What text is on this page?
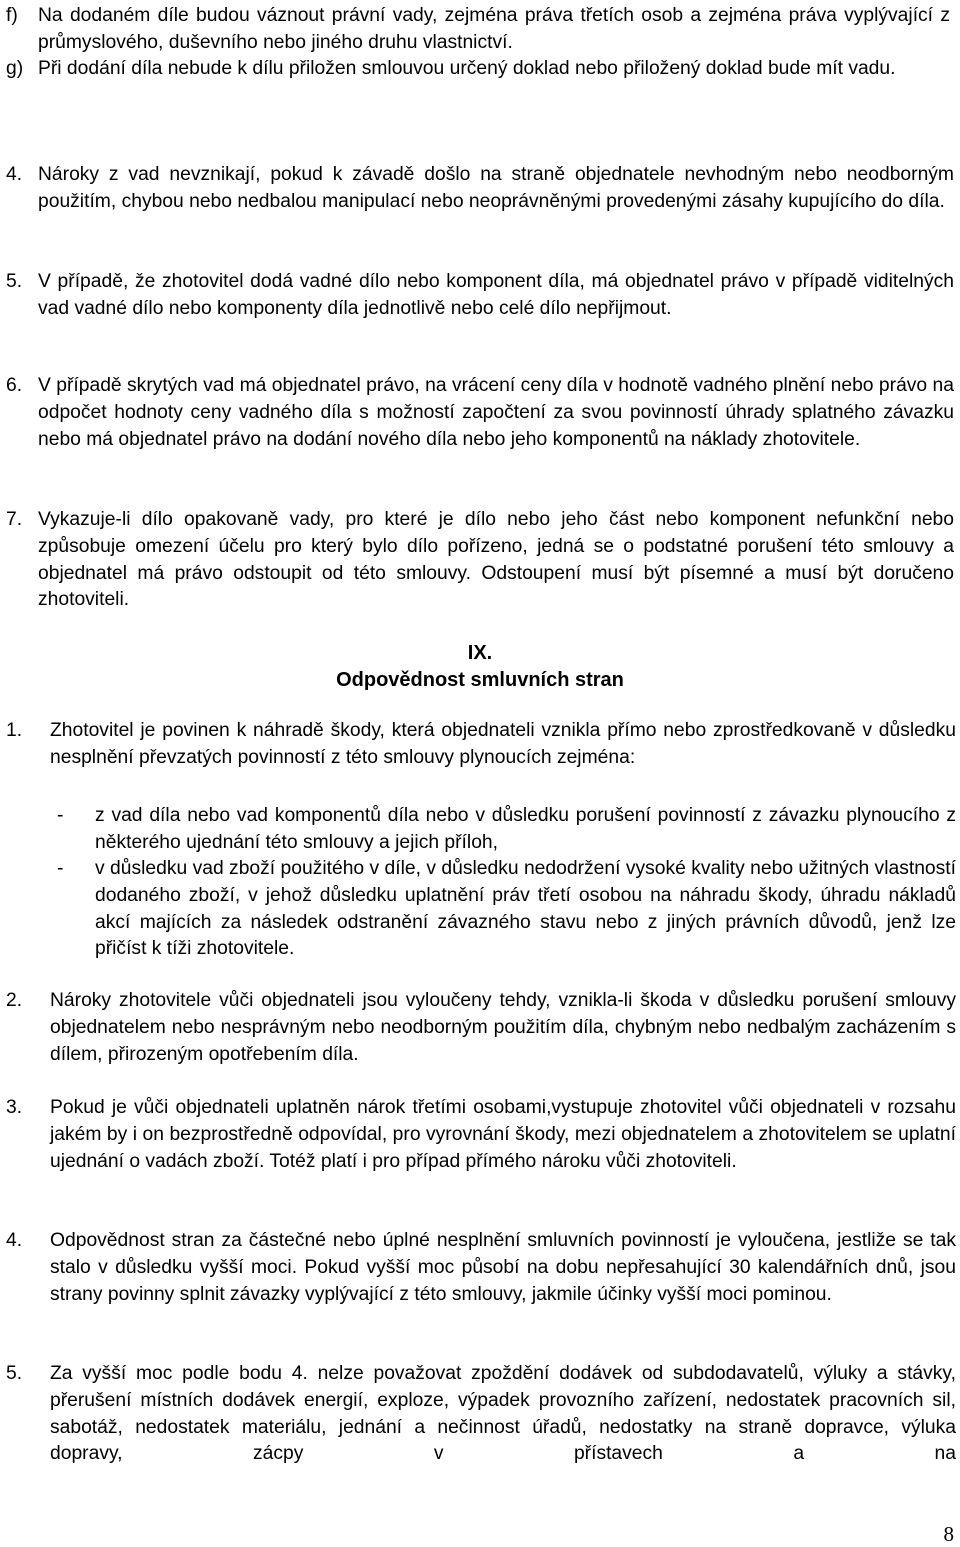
f) Na dodaném díle budou váznout právní vady, zejména práva třetích osob a zejména práva vyplývající z průmyslového, duševního nebo jiného druhu vlastnictví.
g) Při dodání díla nebude k dílu přiložen smlouvou určený doklad nebo přiložený doklad bude mít vadu.
4. Nároky z vad nevznikají, pokud k závadě došlo na straně objednatele nevhodným nebo neodborným použitím, chybou nebo nedbalou manipulací nebo neoprávněnými provedenými zásahy kupujícího do díla.
5. V případě, že zhotovitel dodá vadné dílo nebo komponent díla, má objednatel právo v případě viditelných vad vadné dílo nebo komponenty díla jednotlivě nebo celé dílo nepřijmout.
6. V případě skrytých vad má objednatel právo, na vrácení ceny díla v hodnotě vadného plnění nebo právo na odpočet hodnoty ceny vadného díla s možností započtení za svou povinností úhrady splatného závazku nebo má objednatel právo na dodání nového díla nebo jeho komponentů na náklady zhotovitele.
7. Vykazuje-li dílo opakovaně vady, pro které je dílo nebo jeho část nebo komponent nefunkční nebo způsobuje omezení účelu pro který bylo dílo pořízeno, jedná se o podstatné porušení této smlouvy a objednatel má právo odstoupit od této smlouvy. Odstoupení musí být písemné a musí být doručeno zhotoviteli.
IX.
Odpovědnost smluvních stran
1. Zhotovitel je povinen k náhradě škody, která objednateli vznikla přímo nebo zprostředkovaně v důsledku nesplnění převzatých povinností z této smlouvy plynoucích zejména:
- z vad díla nebo vad komponentů díla nebo v důsledku porušení povinností z závazku plynoucího z některého ujednání této smlouvy a jejich příloh,
- v důsledku vad zboží použitého v díle, v důsledku nedodržení vysoké kvality nebo užitných vlastností dodaného zboží, v jehož důsledku uplatnění práv třetí osobou na náhradu škody, úhradu nákladů akcí majících za následek odstranění závazného stavu nebo z jiných právních důvodů, jenž lze přičíst k tíži zhotovitele.
2. Nároky zhotovitele vůči objednateli jsou vyloučeny tehdy, vznikla-li škoda v důsledku porušení smlouvy objednatelem nebo nesprávným nebo neodborným použitím díla, chybným nebo nedbalým zacházením s dílem, přirozeným opotřebením díla.
3. Pokud je vůči objednateli uplatněn nárok třetími osobami,vystupuje zhotovitel vůči objednateli v rozsahu jakém by i on bezprostředně odpovídal, pro vyrovnání škody, mezi objednatelem a zhotovitelem se uplatní ujednání o vadách zboží. Totéž platí i pro případ přímého nároku vůči zhotoviteli.
4. Odpovědnost stran za částečné nebo úplné nesplnění smluvních povinností je vyloučena, jestliže se tak stalo v důsledku vyšší moci. Pokud vyšší moc působí na dobu nepřesahující 30 kalendářních dnů, jsou strany povinny splnit závazky vyplývající z této smlouvy, jakmile účinky vyšší moci pominou.
5. Za vyšší moc podle bodu 4. nelze považovat zpoždění dodávek od subdodavatelů, výluky a stávky, přerušení místních dodávek energií, exploze, výpadek provozního zařízení, nedostatek pracovních sil, sabotáž, nedostatek materiálu, jednání a nečinnost úřadů, nedostatky na straně dopravce, výluka dopravy, zácpy v přístavech a na
8
